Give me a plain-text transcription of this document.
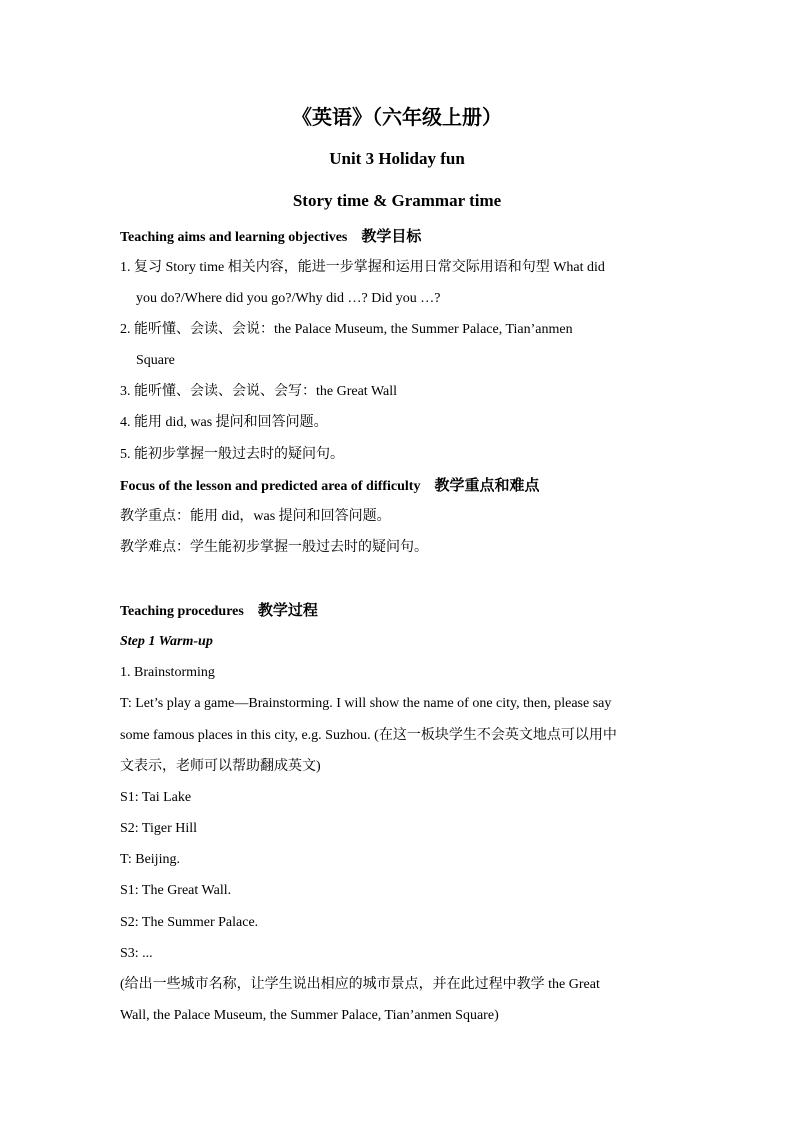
《英语》（六年级上册）
Unit 3 Holiday fun
Story time & Grammar time
Teaching aims and learning objectives 教学目标
1. 复习 Story time 相关内容，能进一步掌握和运用日常交际用语和句型 What did
you do?/Where did you go?/Why did …? Did you …?
2. 能听懂、会读、会说：the Palace Museum, the Summer Palace, Tian’anmen
Square
3. 能听懂、会读、会说、会写：the Great Wall
4. 能用 did, was 提问和回答问题。
5. 能初步掌握一般过去时的疑问句。
Focus of the lesson and predicted area of difficulty 教学重点和难点
教学重点：能用 did，was 提问和回答问题。
教学难点：学生能初步掌握一般过去时的疑问句。
Teaching procedures 教学过程
Step 1 Warm-up
1. Brainstorming
T: Let’s play a game—Brainstorming. I will show the name of one city, then, please say
some famous places in this city, e.g. Suzhou. (在这一板块学生不会英文地点可以用中
文表示，老师可以帮助翻成英文)
S1: Tai Lake
S2: Tiger Hill
T: Beijing.
S1: The Great Wall.
S2: The Summer Palace.
S3: ...
(给出一些城市名称，让学生说出相应的城市景点，并在此过程中教学 the Great
Wall, the Palace Museum, the Summer Palace, Tian’anmen Square)
